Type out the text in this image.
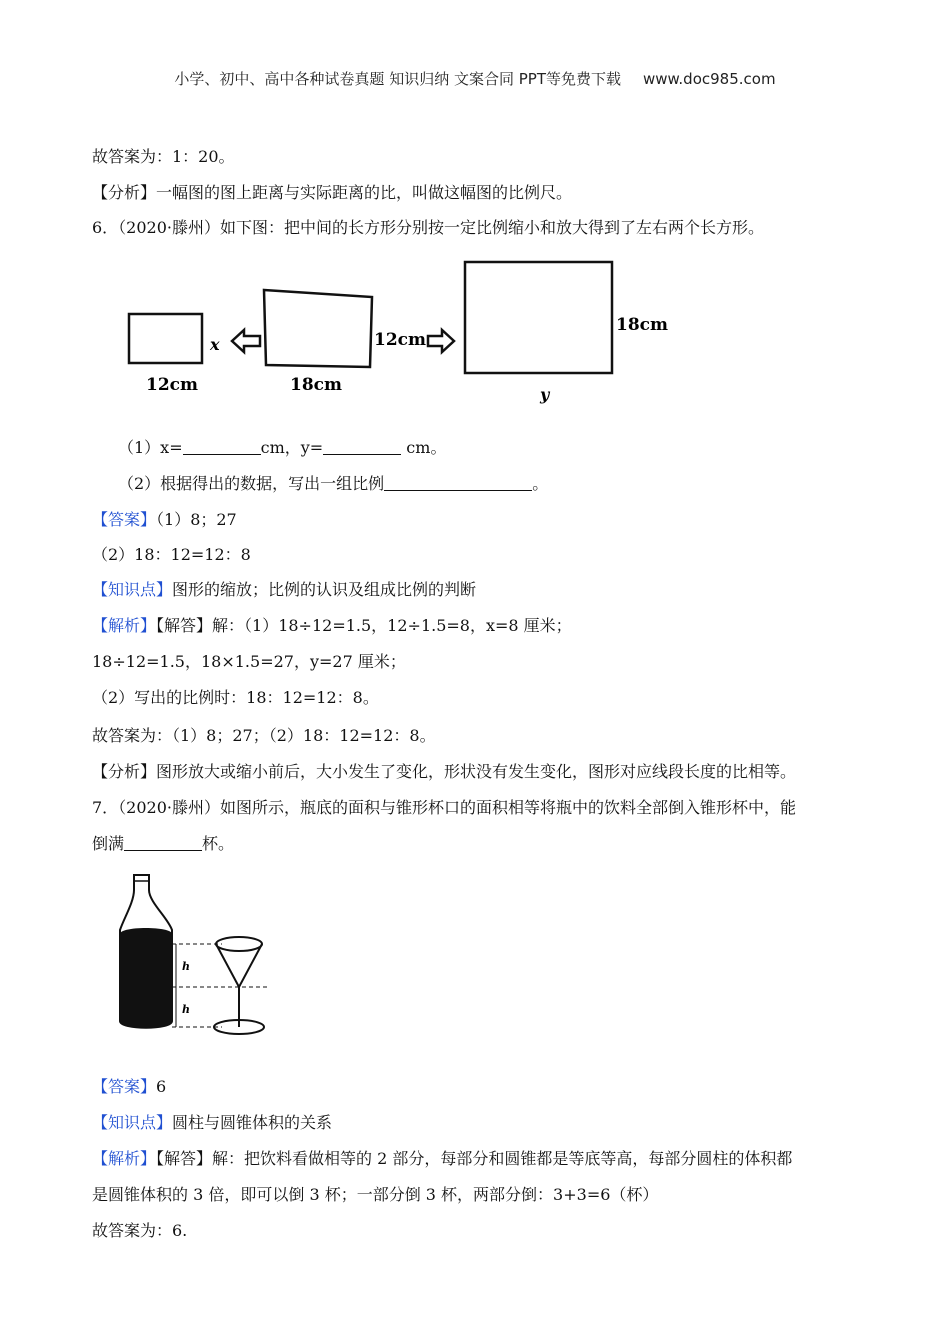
小学、初中、高中各种试卷真题 知识归纳 文案合同 PPT等免费下载 www.doc985.com
故答案为：1：20。
【分析】一幅图的图上距离与实际距离的比，叫做这幅图的比例尺。
6．（2020·滕州）如下图：把中间的长方形分别按一定比例缩小和放大得到了左右两个长方形。
x
12cm
12cm
18cm
18cm
y
（1）x=	cm，y=	cm。
（2）根据得出的数据，写出一组比例	。
【答案】（1）8；27
（2）18：12=12：8
【知识点】图形的缩放；比例的认识及组成比例的判断
【解析】【解答】解：（1）18÷12=1.5，12÷1.5=8，x=8 厘米；
18÷12=1.5，18×1.5=27，y=27 厘米；
（2）写出的比例时：18：12=12：8。
故答案为：（1）8；27；（2）18：12=12：8。
【分析】图形放大或缩小前后，大小发生了变化，形状没有发生变化，图形对应线段长度的比相等。
7．（2020·滕州）如图所示，瓶底的面积与锥形杯口的面积相等将瓶中的饮料全部倒入锥形杯中，能
倒满	杯。
h
h
【答案】6
【知识点】圆柱与圆锥体积的关系
【解析】【解答】解：把饮料看做相等的 2 部分，每部分和圆锥都是等底等高，每部分圆柱的体积都
是圆锥体积的 3 倍，即可以倒 3 杯；一部分倒 3 杯，两部分倒：3+3=6（杯）
故答案为：6.
